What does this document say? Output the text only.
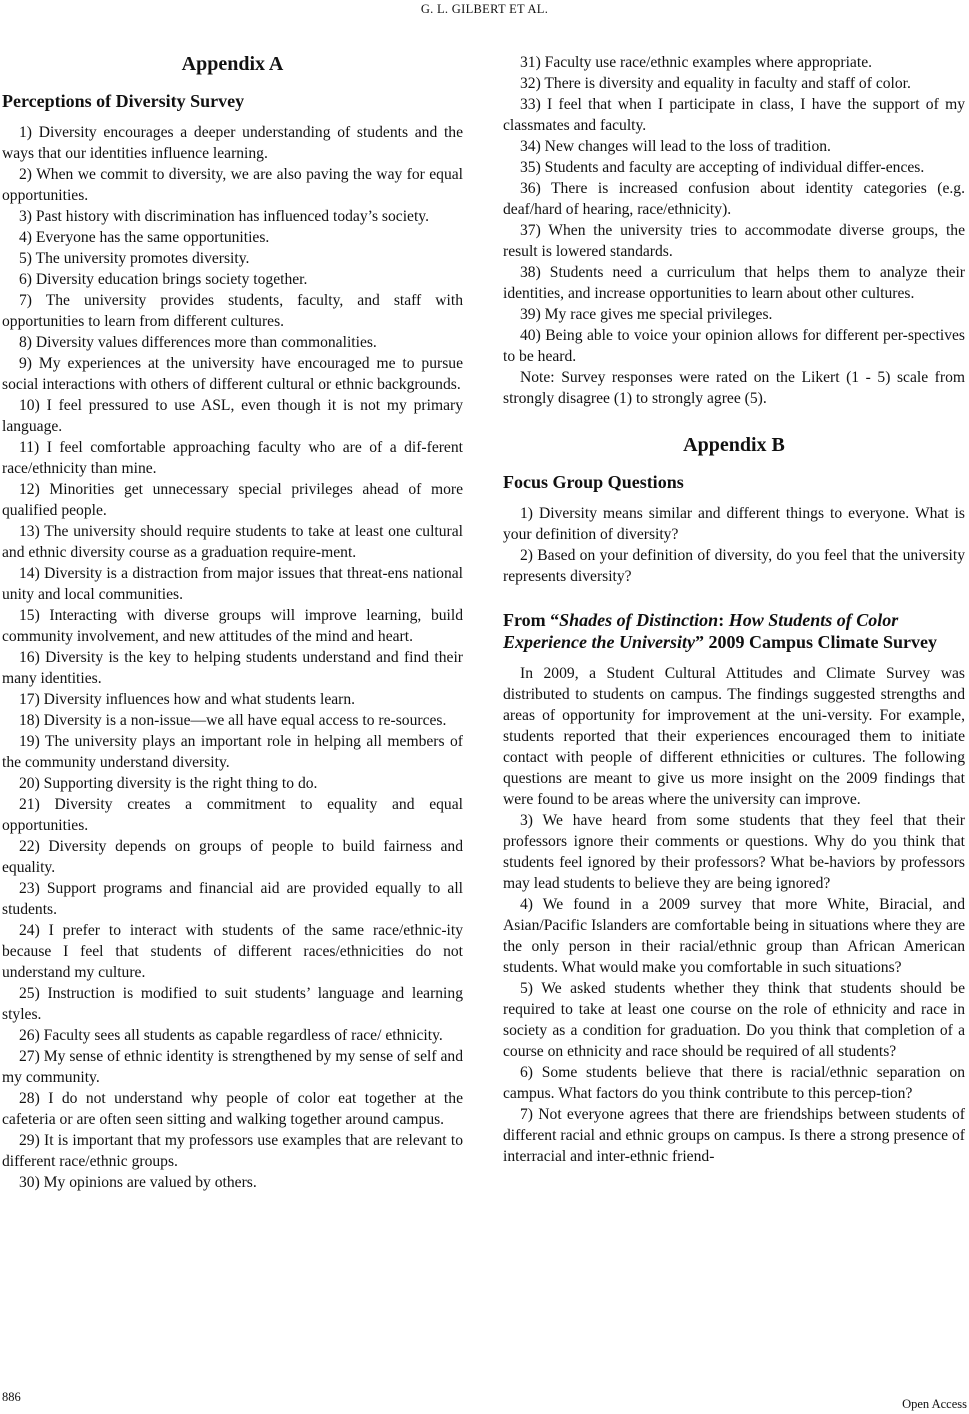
G. L. GILBERT ET AL.
Appendix A
Perceptions of Diversity Survey

1) Diversity encourages a deeper understanding of students and the ways that our identities influence learning.

2) When we commit to diversity, we are also paving the way for equal opportunities.

3) Past history with discrimination has influenced today’s society.

4) Everyone has the same opportunities.

5) The university promotes diversity.

6) Diversity education brings society together.

7) The university provides students, faculty, and staff with opportunities to learn from different cultures.

8) Diversity values differences more than commonalities.

9) My experiences at the university have encouraged me to pursue social interactions with others of different cultural or ethnic backgrounds.

10) I feel pressured to use ASL, even though it is not my primary language.

11) I feel comfortable approaching faculty who are of a dif-ferent race/ethnicity than mine.

12) Minorities get unnecessary special privileges ahead of more qualified people.

13) The university should require students to take at least one cultural and ethnic diversity course as a graduation require-ment.

14) Diversity is a distraction from major issues that threat-ens national unity and local communities.

15) Interacting with diverse groups will improve learning, build community involvement, and new attitudes of the mind and heart.

16) Diversity is the key to helping students understand and find their many identities.

17) Diversity influences how and what students learn.

18) Diversity is a non-issue—we all have equal access to re-sources.

19) The university plays an important role in helping all members of the community understand diversity.

20) Supporting diversity is the right thing to do.

21) Diversity creates a commitment to equality and equal opportunities.

22) Diversity depends on groups of people to build fairness and equality.

23) Support programs and financial aid are provided equally to all students.

24) I prefer to interact with students of the same race/ethnic-ity because I feel that students of different races/ethnicities do not understand my culture.

25) Instruction is modified to suit students’ language and learning styles.

26) Faculty sees all students as capable regardless of race/ ethnicity.

27) My sense of ethnic identity is strengthened by my sense of self and my community.

28) I do not understand why people of color eat together at the cafeteria or are often seen sitting and walking together around campus.

29) It is important that my professors use examples that are relevant to different race/ethnic groups.

30) My opinions are valued by others.

31) Faculty use race/ethnic examples where appropriate.

32) There is diversity and equality in faculty and staff of color.

33) I feel that when I participate in class, I have the support of my classmates and faculty.

34) New changes will lead to the loss of tradition.

35) Students and faculty are accepting of individual differ-ences.

36) There is increased confusion about identity categories (e.g. deaf/hard of hearing, race/ethnicity).

37) When the university tries to accommodate diverse groups, the result is lowered standards.

38) Students need a curriculum that helps them to analyze their identities, and increase opportunities to learn about other cultures.

39) My race gives me special privileges.

40) Being able to voice your opinion allows for different per-spectives to be heard.

Note: Survey responses were rated on the Likert (1 - 5) scale from strongly disagree (1) to strongly agree (5).

Appendix B
Focus Group Questions

1) Diversity means similar and different things to everyone. What is your definition of diversity?

2) Based on your definition of diversity, do you feel that the university represents diversity?

From “Shades of Distinction: How Students of Color Experience the University” 2009 Campus Climate Survey

In 2009, a Student Cultural Attitudes and Climate Survey was distributed to students on campus. The findings suggested strengths and areas of opportunity for improvement at the uni-versity. For example, students reported that their experiences encouraged them to initiate contact with people of different ethnicities or cultures. The following questions are meant to give us more insight on the 2009 findings that were found to be areas where the university can improve.

3) We have heard from some students that they feel that their professors ignore their comments or questions. Why do you think that students feel ignored by their professors? What be-haviors by professors may lead students to believe they are being ignored?

4) We found in a 2009 survey that more White, Biracial, and Asian/Pacific Islanders are comfortable being in situations where they are the only person in their racial/ethnic group than African American students. What would make you comfortable in such situations?

5) We asked students whether they think that students should be required to take at least one course on the role of ethnicity and race in society as a condition for graduation. Do you think that completion of a course on ethnicity and race should be required of all students?

6) Some students believe that there is racial/ethnic separation on campus. What factors do you think contribute to this percep-tion?

7) Not everyone agrees that there are friendships between students of different racial and ethnic groups on campus. Is there a strong presence of interracial and inter-ethnic friend-

886	Open Access
